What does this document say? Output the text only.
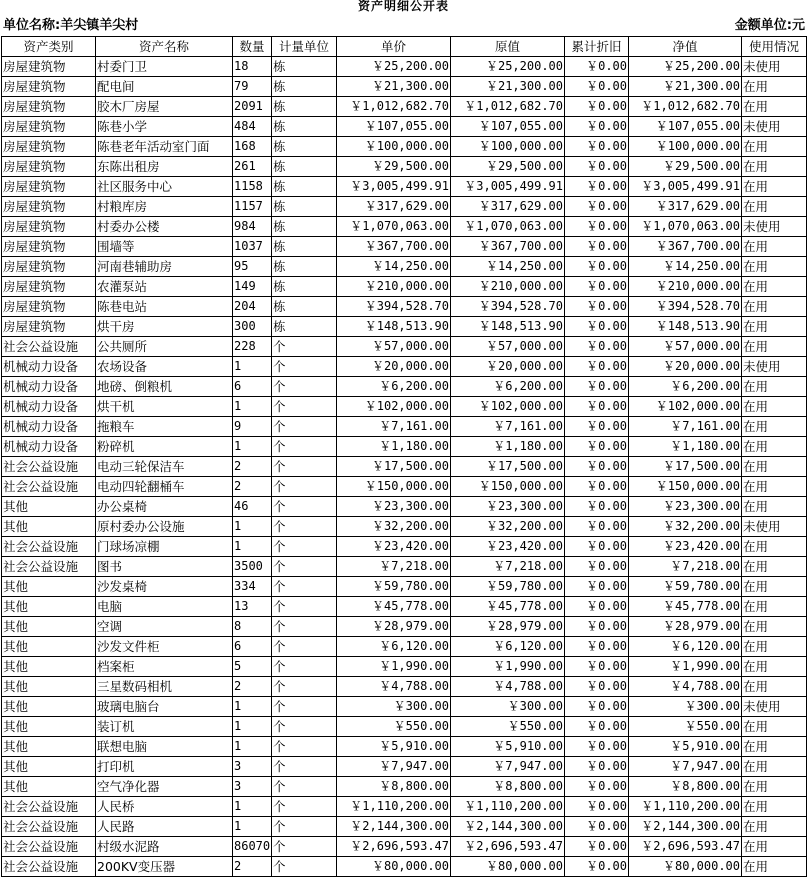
资产明细公开表
单位名称:羊尖镇羊尖村	金额单位:元
资产类别	资产名称	数量	计量单位	单价	原值	累计折旧	净值	使用情况
房屋建筑物	村委门卫	18	栋	￥25,200.00	￥25,200.00	￥0.00	￥25,200.00	未使用
房屋建筑物	配电间	79	栋	￥21,300.00	￥21,300.00	￥0.00	￥21,300.00	在用
房屋建筑物	胶木厂房屋	2091	栋	￥1,012,682.70	￥1,012,682.70	￥0.00	￥1,012,682.70	在用
房屋建筑物	陈巷小学	484	栋	￥107,055.00	￥107,055.00	￥0.00	￥107,055.00	未使用
房屋建筑物	陈巷老年活动室门面	168	栋	￥100,000.00	￥100,000.00	￥0.00	￥100,000.00	在用
房屋建筑物	东陈出租房	261	栋	￥29,500.00	￥29,500.00	￥0.00	￥29,500.00	在用
房屋建筑物	社区服务中心	1158	栋	￥3,005,499.91	￥3,005,499.91	￥0.00	￥3,005,499.91	在用
房屋建筑物	村粮库房	1157	栋	￥317,629.00	￥317,629.00	￥0.00	￥317,629.00	在用
房屋建筑物	村委办公楼	984	栋	￥1,070,063.00	￥1,070,063.00	￥0.00	￥1,070,063.00	未使用
房屋建筑物	围墙等	1037	栋	￥367,700.00	￥367,700.00	￥0.00	￥367,700.00	在用
房屋建筑物	河南巷辅助房	95	栋	￥14,250.00	￥14,250.00	￥0.00	￥14,250.00	在用
房屋建筑物	农灌泵站	149	栋	￥210,000.00	￥210,000.00	￥0.00	￥210,000.00	在用
房屋建筑物	陈巷电站	204	栋	￥394,528.70	￥394,528.70	￥0.00	￥394,528.70	在用
房屋建筑物	烘干房	300	栋	￥148,513.90	￥148,513.90	￥0.00	￥148,513.90	在用
社会公益设施	公共厕所	228	个	￥57,000.00	￥57,000.00	￥0.00	￥57,000.00	在用
机械动力设备	农场设备	1	个	￥20,000.00	￥20,000.00	￥0.00	￥20,000.00	未使用
机械动力设备	地磅、倒粮机	6	个	￥6,200.00	￥6,200.00	￥0.00	￥6,200.00	在用
机械动力设备	烘干机	1	个	￥102,000.00	￥102,000.00	￥0.00	￥102,000.00	在用
机械动力设备	拖粮车	9	个	￥7,161.00	￥7,161.00	￥0.00	￥7,161.00	在用
机械动力设备	粉碎机	1	个	￥1,180.00	￥1,180.00	￥0.00	￥1,180.00	在用
社会公益设施	电动三轮保洁车	2	个	￥17,500.00	￥17,500.00	￥0.00	￥17,500.00	在用
社会公益设施	电动四轮翻桶车	2	个	￥150,000.00	￥150,000.00	￥0.00	￥150,000.00	在用
其他	办公桌椅	46	个	￥23,300.00	￥23,300.00	￥0.00	￥23,300.00	在用
其他	原村委办公设施	1	个	￥32,200.00	￥32,200.00	￥0.00	￥32,200.00	未使用
社会公益设施	门球场凉棚	1	个	￥23,420.00	￥23,420.00	￥0.00	￥23,420.00	在用
社会公益设施	图书	3500	个	￥7,218.00	￥7,218.00	￥0.00	￥7,218.00	在用
其他	沙发桌椅	334	个	￥59,780.00	￥59,780.00	￥0.00	￥59,780.00	在用
其他	电脑	13	个	￥45,778.00	￥45,778.00	￥0.00	￥45,778.00	在用
其他	空调	8	个	￥28,979.00	￥28,979.00	￥0.00	￥28,979.00	在用
其他	沙发文件柜	6	个	￥6,120.00	￥6,120.00	￥0.00	￥6,120.00	在用
其他	档案柜	5	个	￥1,990.00	￥1,990.00	￥0.00	￥1,990.00	在用
其他	三星数码相机	2	个	￥4,788.00	￥4,788.00	￥0.00	￥4,788.00	在用
其他	玻璃电脑台	1	个	￥300.00	￥300.00	￥0.00	￥300.00	未使用
其他	装订机	1	个	￥550.00	￥550.00	￥0.00	￥550.00	在用
其他	联想电脑	1	个	￥5,910.00	￥5,910.00	￥0.00	￥5,910.00	在用
其他	打印机	3	个	￥7,947.00	￥7,947.00	￥0.00	￥7,947.00	在用
其他	空气净化器	3	个	￥8,800.00	￥8,800.00	￥0.00	￥8,800.00	在用
社会公益设施	人民桥	1	个	￥1,110,200.00	￥1,110,200.00	￥0.00	￥1,110,200.00	在用
社会公益设施	人民路	1	个	￥2,144,300.00	￥2,144,300.00	￥0.00	￥2,144,300.00	在用
社会公益设施	村级水泥路	86070	个	￥2,696,593.47	￥2,696,593.47	￥0.00	￥2,696,593.47	在用
社会公益设施	200KV变压器	2	个	￥80,000.00	￥80,000.00	￥0.00	￥80,000.00	在用
